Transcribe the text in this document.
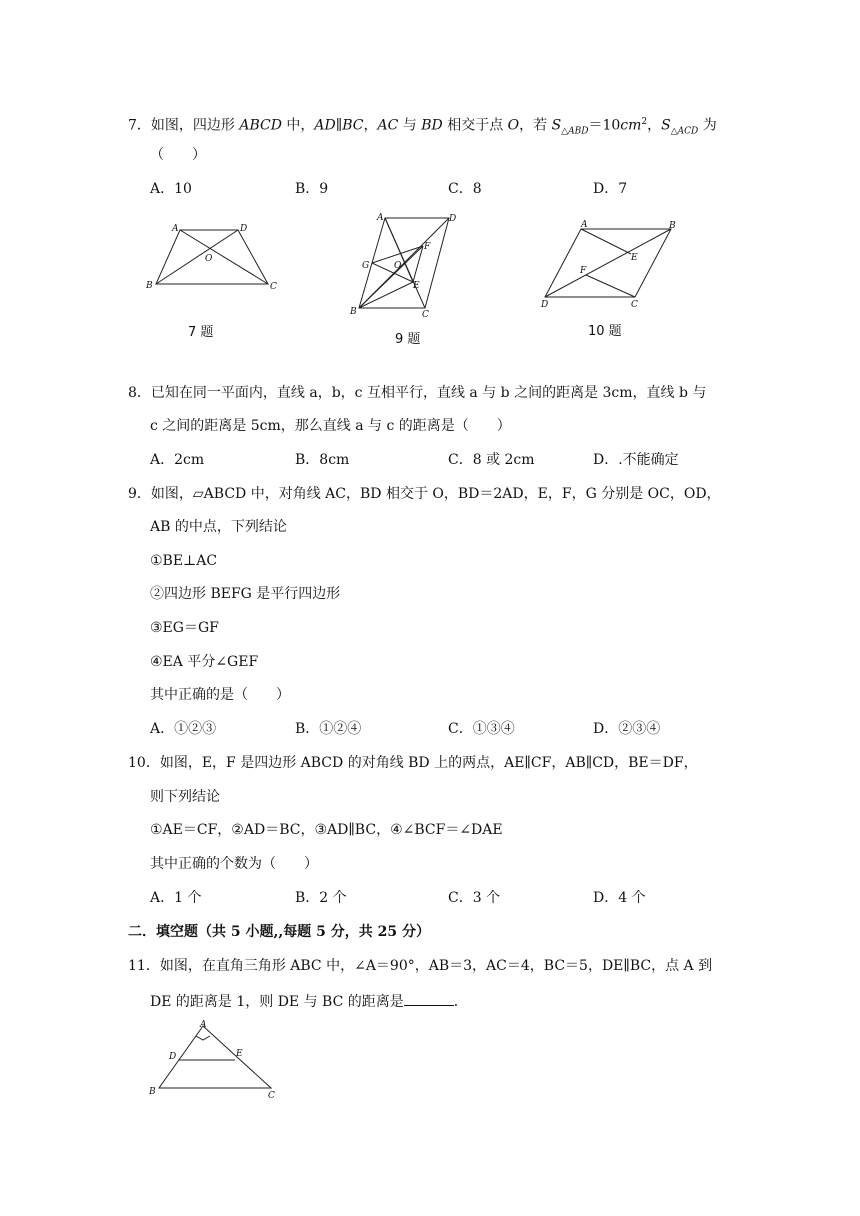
7．如图，四边形 ABCD 中，AD∥BC，AC 与 BD 相交于点 O，若 $S_{\triangle ABD}=10cm^2$，$S_{\triangle ACD}$ 为
（　　）
A．10	B．9	C．8	D．7
A	D
O
B	C
7 题
A	D
F
G	O
E
B	C
9 题
A	B
E
F
D	C
10 题
8．已知在同一平面内，直线 a，b，c 互相平行，直线 a 与 b 之间的距离是 3cm，直线 b 与
c 之间的距离是 5cm，那么直线 a 与 c 的距离是（　　）
A．2cm	B．8cm	C．8 或 2cm	D．.不能确定
9．如图，▱ABCD 中，对角线 AC，BD 相交于 O，BD＝2AD，E，F，G 分别是 OC，OD，
AB 的中点，下列结论
①BE⊥AC
②四边形 BEFG 是平行四边形
③EG＝GF
④EA 平分∠GEF
其中正确的是（　　）
A．①②③	B．①②④	C．①③④	D．②③④
10．如图，E，F 是四边形 ABCD 的对角线 BD 上的两点，AE∥CF，AB∥CD，BE＝DF，
则下列结论
①AE＝CF，②AD＝BC，③AD∥BC，④∠BCF＝∠DAE
其中正确的个数为（　　）
A．1 个	B．2 个	C．3 个	D．4 个
二．填空题（共 5 小题,,每题 5 分，共 25 分）
11．如图，在直角三角形 ABC 中，∠A＝90°，AB＝3，AC＝4，BC＝5，DE∥BC，点 A 到
DE 的距离是 1，则 DE 与 BC 的距离是	．
A
D	E
B	C
